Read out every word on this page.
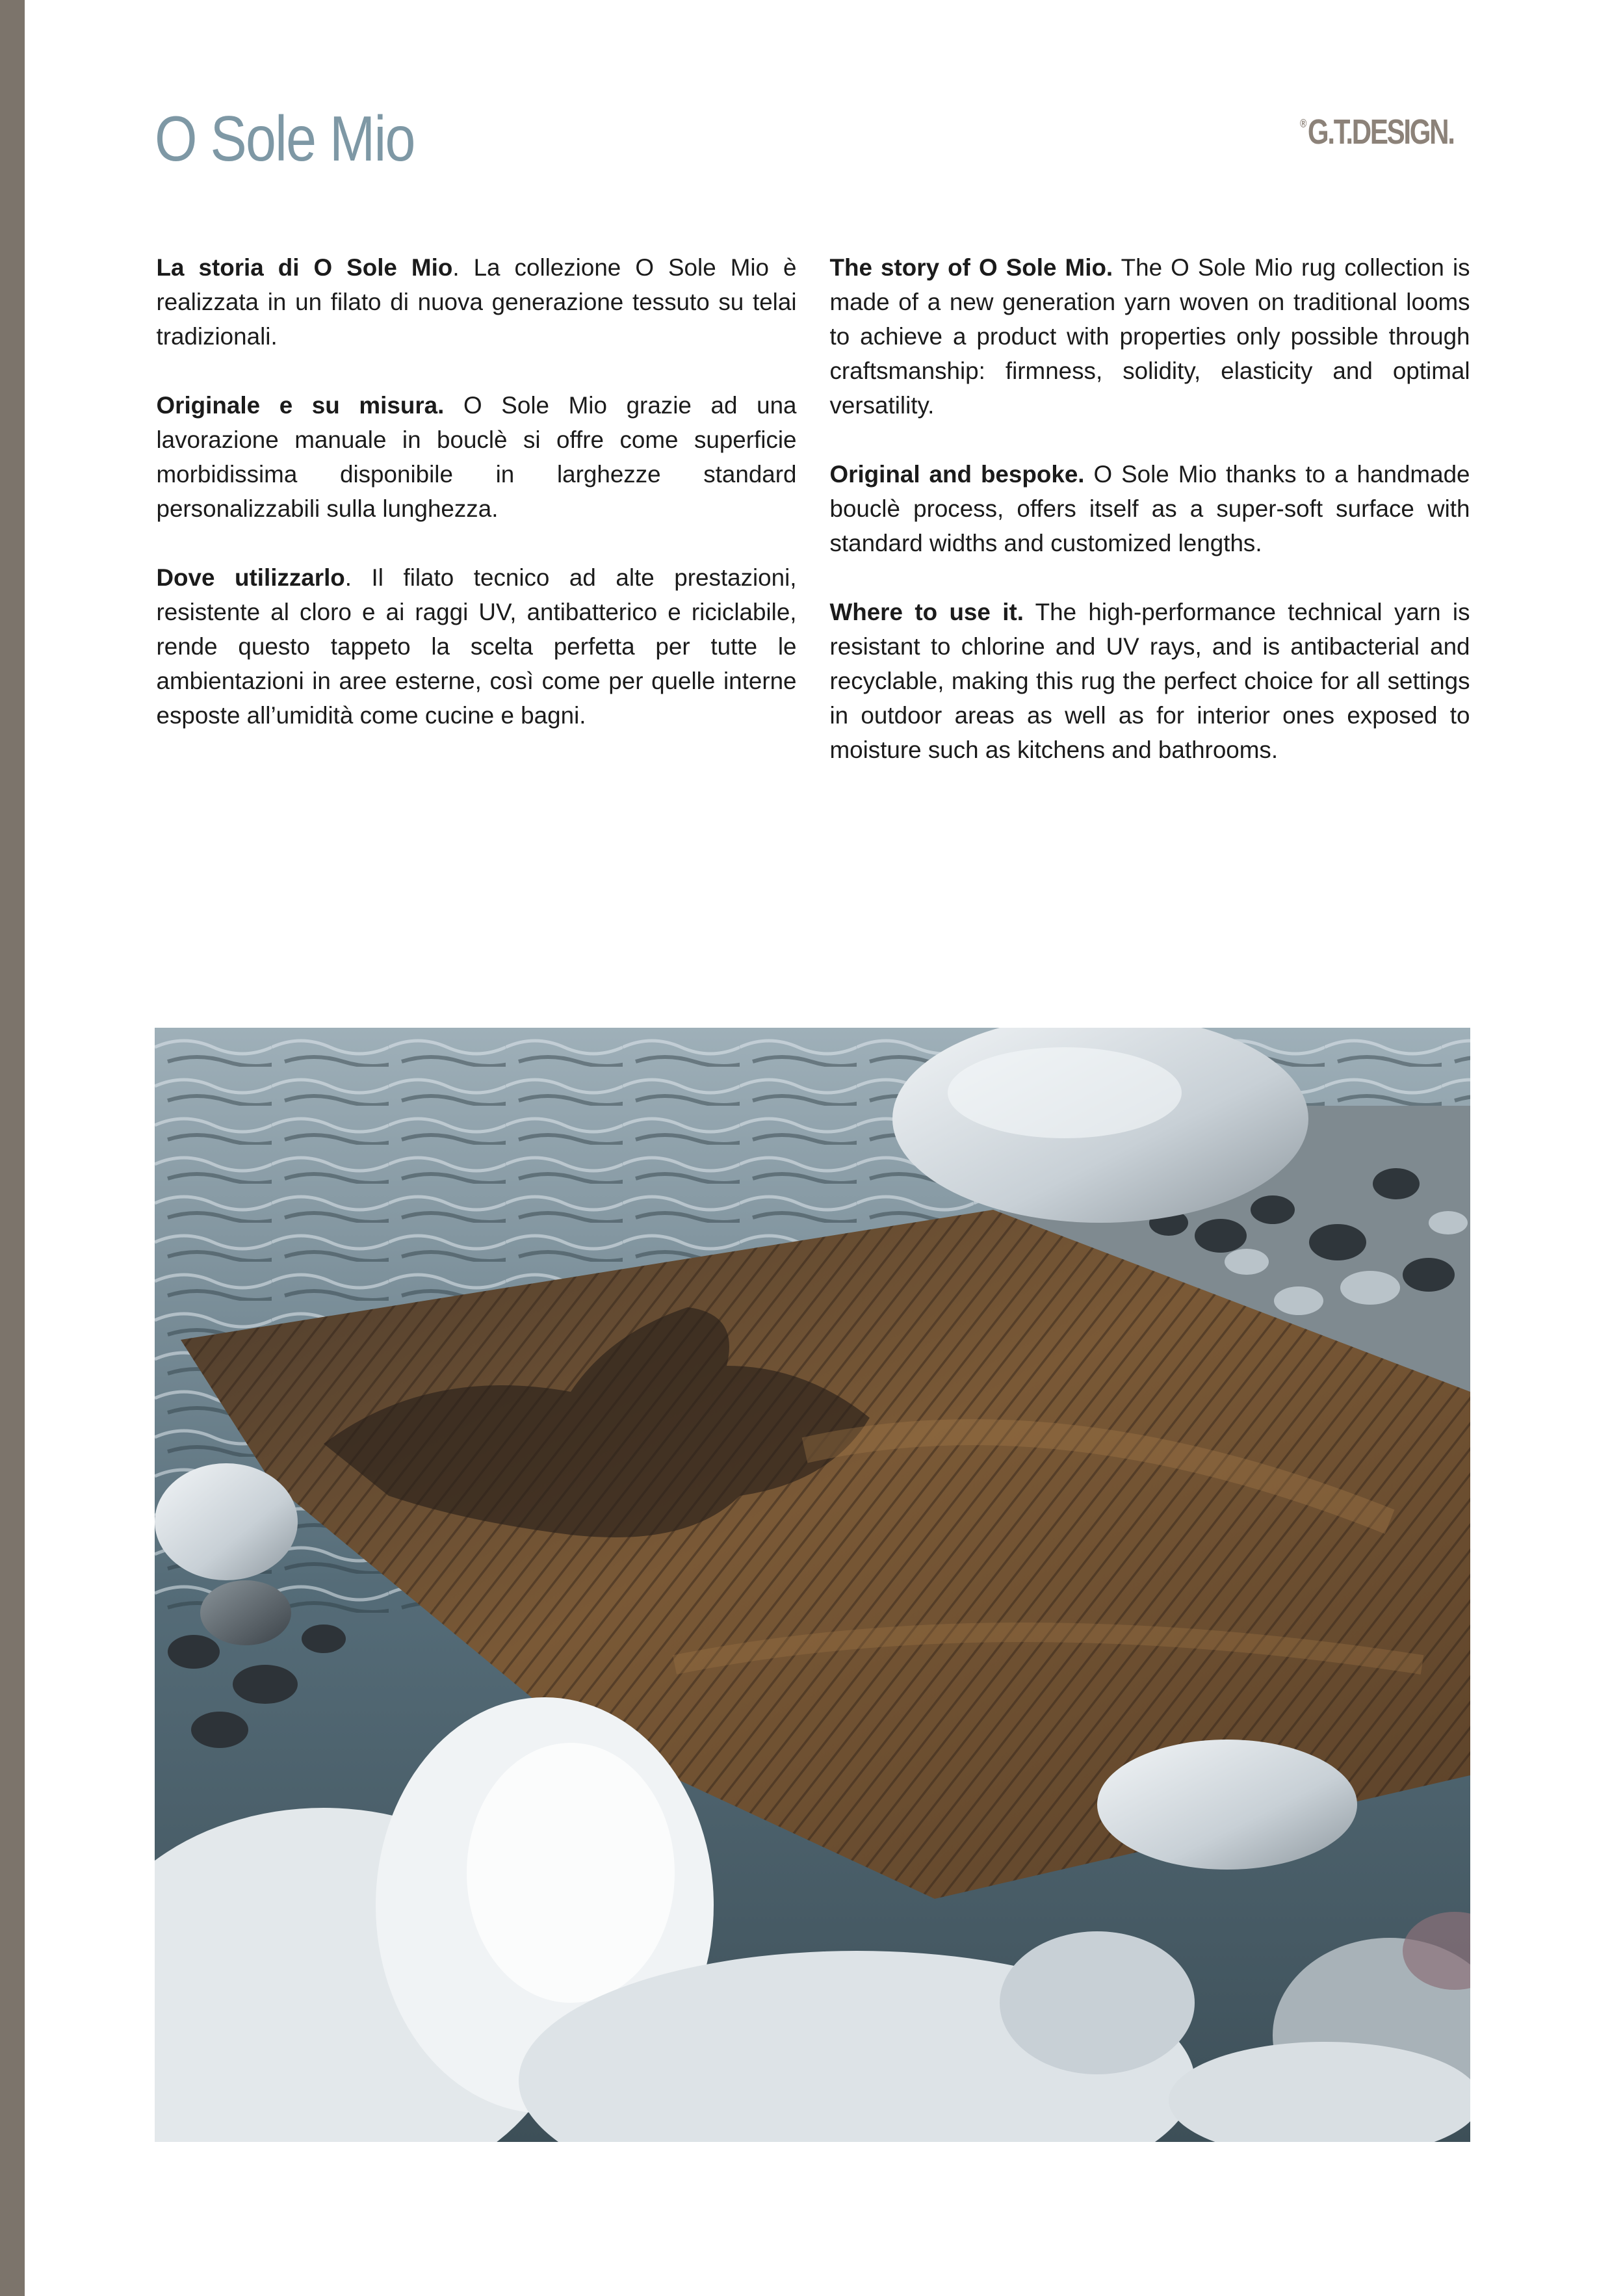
O Sole Mio	®G.T.DESIGN.

La storia di O Sole Mio. La collezione O Sole Mio è realizzata in un filato di nuova generazione tessuto su telai tradizionali.

Originale e su misura. O Sole Mio grazie ad una lavorazione manuale in bouclè si offre come superficie morbidissima disponibile in larghezze standard personalizzabili sulla lunghezza.

Dove utilizzarlo. Il filato tecnico ad alte prestazioni, resistente al cloro e ai raggi UV, antibatterico e riciclabile, rende questo tappeto la scelta perfetta per tutte le ambientazioni in aree esterne, così come per quelle interne esposte all’umidità come cucine e bagni.

The story of O Sole Mio. The O Sole Mio rug collection is made of a new generation yarn woven on traditional looms to achieve a product with properties only possible through craftsmanship: firmness, solidity, elasticity and optimal versatility.

Original and bespoke. O Sole Mio thanks to a handmade bouclè process, offers itself as a super-soft surface with standard widths and customized lengths.

Where to use it. The high-performance technical yarn is resistant to chlorine and UV rays, and is antibacterial and recyclable, making this rug the perfect choice for all settings in outdoor areas as well as for interior ones exposed to moisture such as kitchens and bathrooms.
